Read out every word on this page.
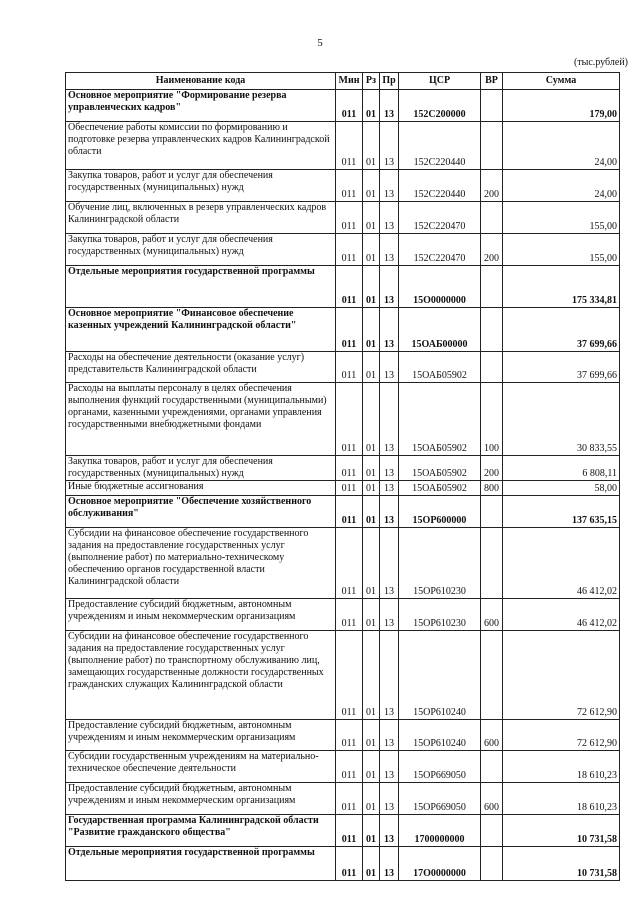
5
(тыс.рублей)
Наименование кода	Мин	Рз	Пр	ЦСР	ВР	Сумма
Основное мероприятие "Формирование резерва управленческих кадров"	011	01	13	152С200000		179,00
Обеспечение работы комиссии по формированию и подготовке резерва управленческих кадров Калининградской области	011	01	13	152С220440		24,00
Закупка товаров, работ и услуг для обеспечения государственных (муниципальных) нужд	011	01	13	152С220440	200	24,00
Обучение лиц, включенных в резерв управленческих кадров Калининградской области	011	01	13	152С220470		155,00
Закупка товаров, работ и услуг для обеспечения государственных (муниципальных) нужд	011	01	13	152С220470	200	155,00
Отдельные мероприятия государственной программы	011	01	13	15О0000000		175 334,81
Основное мероприятие "Финансовое обеспечение казенных учреждений Калининградской области"	011	01	13	15ОАБ00000		37 699,66
Расходы на обеспечение деятельности (оказание услуг) представительств Калининградской области	011	01	13	15ОАБ05902		37 699,66
Расходы на выплаты персоналу в целях обеспечения выполнения функций государственными (муниципальными) органами, казенными учреждениями, органами управления государственными внебюджетными фондами	011	01	13	15ОАБ05902	100	30 833,55
Закупка товаров, работ и услуг для обеспечения государственных (муниципальных) нужд	011	01	13	15ОАБ05902	200	6 808,11
Иные бюджетные ассигнования	011	01	13	15ОАБ05902	800	58,00
Основное мероприятие "Обеспечение хозяйственного обслуживания"	011	01	13	15ОР600000		137 635,15
Субсидии на финансовое обеспечение государственного задания на предоставление государственных услуг (выполнение работ) по материально-техническому обеспечению органов государственной власти Калининградской области	011	01	13	15ОР610230		46 412,02
Предоставление субсидий бюджетным, автономным учреждениям и иным некоммерческим организациям	011	01	13	15ОР610230	600	46 412,02
Субсидии на финансовое обеспечение государственного задания на предоставление государственных услуг (выполнение работ) по транспортному обслуживанию лиц, замещающих государственные должности государственных гражданских служащих Калининградской области	011	01	13	15ОР610240		72 612,90
Предоставление субсидий бюджетным, автономным учреждениям и иным некоммерческим организациям	011	01	13	15ОР610240	600	72 612,90
Субсидии государственным учреждениям на материально-техническое обеспечение деятельности	011	01	13	15ОР669050		18 610,23
Предоставление субсидий бюджетным, автономным учреждениям и иным некоммерческим организациям	011	01	13	15ОР669050	600	18 610,23
Государственная программа Калининградской области "Развитие гражданского общества"	011	01	13	1700000000		10 731,58
Отдельные мероприятия государственной программы	011	01	13	17О0000000		10 731,58
